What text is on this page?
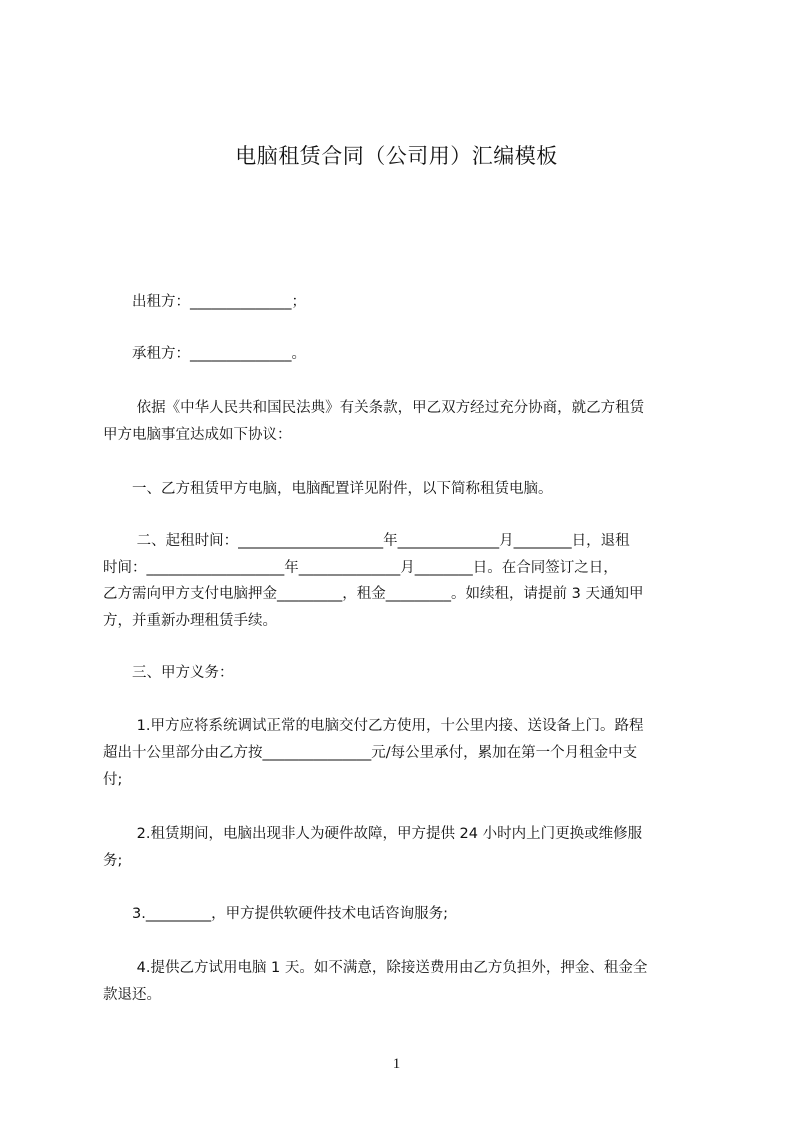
电脑租赁合同（公司用）汇编模板

　　出租方：______________；

　　承租方：______________。

　　 依据《中华人民共和国民法典》有关条款，甲乙双方经过充分协商，就乙方租赁

甲方电脑事宜达成如下协议：

　　一、乙方租赁甲方电脑，电脑配置详见附件，以下简称租赁电脑。

　　 二、起租时间：____________________年______________月________日，退租

时间：___________________年______________月________日。在合同签订之日，

乙方需向甲方支付电脑押金_________，租金_________。如续租，请提前 3 天通知甲

方，并重新办理租赁手续。

　　三、甲方义务：

　　 1.甲方应将系统调试正常的电脑交付乙方使用，十公里内接、送设备上门。路程

超出十公里部分由乙方按_______________元/每公里承付，累加在第一个月租金中支

付;

　　 2.租赁期间，电脑出现非人为硬件故障，甲方提供 24 小时内上门更换或维修服

务;

　　3._________，甲方提供软硬件技术电话咨询服务;

　　 4.提供乙方试用电脑 1 天。如不满意，除接送费用由乙方负担外，押金、租金全

款退还。

1
